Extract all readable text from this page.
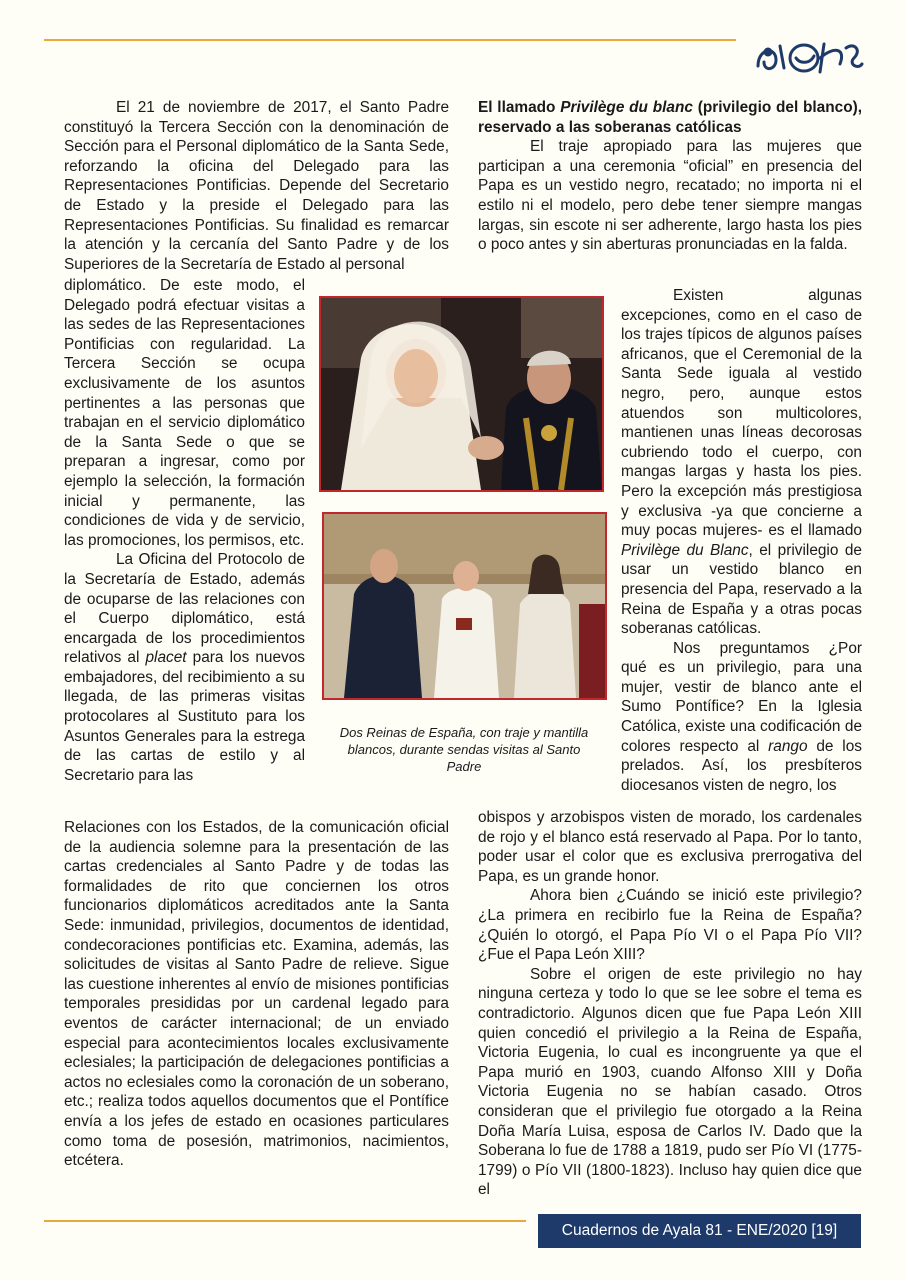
El 21 de noviembre de 2017, el Santo Padre constituyó la Tercera Sección con la denominación de Sección para el Personal diplomático de la Santa Sede, reforzando la oficina del Delegado para las Representaciones Pontificias. Depende del Secretario de Estado y la preside el Delegado para las Representaciones Pontificias. Su finalidad es remarcar la atención y la cercanía del Santo Padre y de los Superiores de la Secretaría de Estado al personal

diplomático. De este modo, el Delegado podrá efectuar visitas a las sedes de las Representaciones Pontificias con regularidad. La Tercera Sección se ocupa exclusivamente de los asuntos pertinentes a las personas que trabajan en el servicio diplomático de la Santa Sede o que se preparan a ingresar, como por ejemplo la selección, la formación inicial y permanente, las condiciones de vida y de servicio, las promociones, los permisos, etc.

La Oficina del Protocolo de la Secretaría de Estado, además de ocuparse de las relaciones con el Cuerpo diplomático, está encargada de los procedimientos relativos al placet para los nuevos embajadores, del recibimiento a su llegada, de las primeras visitas protocolares al Sustituto para los Asuntos Generales para la estrega de las cartas de estilo y al Secretario para las

Relaciones con los Estados, de la comunicación oficial de la audiencia solemne para la presentación de las cartas credenciales al Santo Padre y de todas las formalidades de rito que conciernen los otros funcionarios diplomáticos acreditados ante la Santa Sede: inmunidad, privilegios, documentos de identidad, condecoraciones pontificias etc. Examina, además, las solicitudes de visitas al Santo Padre de relieve. Sigue las cuestione inherentes al envío de misiones pontificias temporales presididas por un cardenal legado para eventos de carácter internacional; de un enviado especial para acontecimientos locales exclusivamente eclesiales; la participación de delegaciones pontificias a actos no eclesiales como la coronación de un soberano, etc.; realiza todos aquellos documentos que el Pontífice envía a los jefes de estado en ocasiones particulares como toma de posesión, matrimonios, nacimientos, etcétera.

Dos Reinas de España, con traje y mantilla blancos, durante sendas visitas al Santo Padre

El llamado Privilège du blanc (privilegio del blanco), reservado a las soberanas católicas

El traje apropiado para las mujeres que participan a una ceremonia “oficial” en presencia del Papa es un vestido negro, recatado; no importa ni el estilo ni el modelo, pero debe tener siempre mangas largas, sin escote ni ser adherente, largo hasta los pies o poco antes y sin aberturas pronunciadas en la falda.

Existen algunas excepciones, como en el caso de los trajes típicos de algunos países africanos, que el Ceremonial de la Santa Sede iguala al vestido negro, pero, aunque estos atuendos son multicolores, mantienen unas líneas decorosas cubriendo todo el cuerpo, con mangas largas y hasta los pies. Pero la excepción más prestigiosa y exclusiva -ya que concierne a muy pocas mujeres- es el llamado Privilège du Blanc, el privilegio de usar un vestido blanco en presencia del Papa, reservado a la Reina de España y a otras pocas soberanas católicas.

Nos preguntamos ¿Por qué es un privilegio, para una mujer, vestir de blanco ante el Sumo Pontífice? En la Iglesia Católica, existe una codificación de colores respecto al rango de los prelados. Así, los presbíteros diocesanos visten de negro, los

obispos y arzobispos visten de morado, los cardenales de rojo y el blanco está reservado al Papa. Por lo tanto, poder usar el color que es exclusiva prerrogativa del Papa, es un grande honor.

Ahora bien ¿Cuándo se inició este privilegio? ¿La primera en recibirlo fue la Reina de España? ¿Quién lo otorgó, el Papa Pío VI o el Papa Pío VII? ¿Fue el Papa León XIII?

Sobre el origen de este privilegio no hay ninguna certeza y todo lo que se lee sobre el tema es contradictorio. Algunos dicen que fue Papa León XIII quien concedió el privilegio a la Reina de España, Victoria Eugenia, lo cual es incongruente ya que el Papa murió en 1903, cuando Alfonso XIII y Doña Victoria Eugenia no se habían casado. Otros consideran que el privilegio fue otorgado a la Reina Doña María Luisa, esposa de Carlos IV. Dado que la Soberana lo fue de 1788 a 1819, pudo ser Pío VI (1775-1799) o Pío VII (1800-1823). Incluso hay quien dice que el

Cuadernos de Ayala 81 - ENE/2020 [19]
